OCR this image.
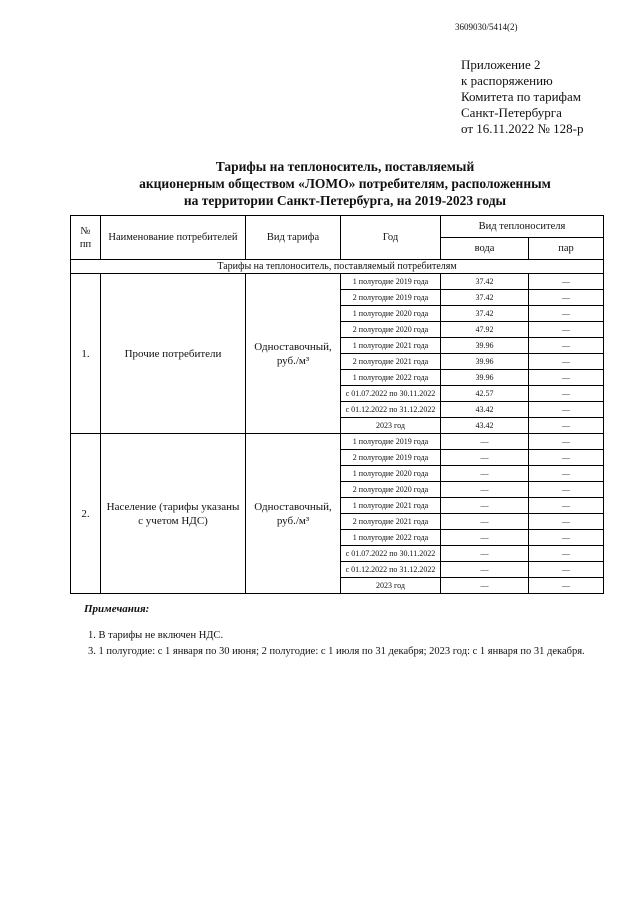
3609030/5414(2)
Приложение 2
к распоряжению
Комитета по тарифам
Санкт-Петербурга
от 16.11.2022 № 128-р
Тарифы на теплоноситель, поставляемый
акционерным обществом «ЛОМО» потребителям, расположенным
на территории Санкт-Петербурга, на 2019-2023 годы
№
пп	Наименование потребителей	Вид тарифа	Год	Вид теплоносителя	
				вода	пар
Тарифы на теплоноситель, поставляемый потребителям					
1.	Прочие потребители	Одноставочный, руб./м³	1 полугодие 2019 года	37.42	—
			2 полугодие 2019 года	37.42	—
			1 полугодие 2020 года	37.42	—
			2 полугодие 2020 года	47.92	—
			1 полугодие 2021 года	39.96	—
			2 полугодие 2021 года	39.96	—
			1 полугодие 2022 года	39.96	—
			с 01.07.2022 по 30.11.2022	42.57	—
			с 01.12.2022 по 31.12.2022	43.42	—
			2023 год	43.42	—
2.	Население (тарифы указаны с учетом НДС)	Одноставочный, руб./м³	1 полугодие 2019 года	—	—
			2 полугодие 2019 года	—	—
			1 полугодие 2020 года	—	—
			2 полугодие 2020 года	—	—
			1 полугодие 2021 года	—	—
			2 полугодие 2021 года	—	—
			1 полугодие 2022 года	—	—
			с 01.07.2022 по 30.11.2022	—	—
			с 01.12.2022 по 31.12.2022	—	—
			2023 год	—	—
Примечания:
1. В тарифы не включен НДС.
3. 1 полугодие: с 1 января по 30 июня; 2 полугодие: с 1 июля по 31 декабря; 2023 год: с 1 января по 31 декабря.
